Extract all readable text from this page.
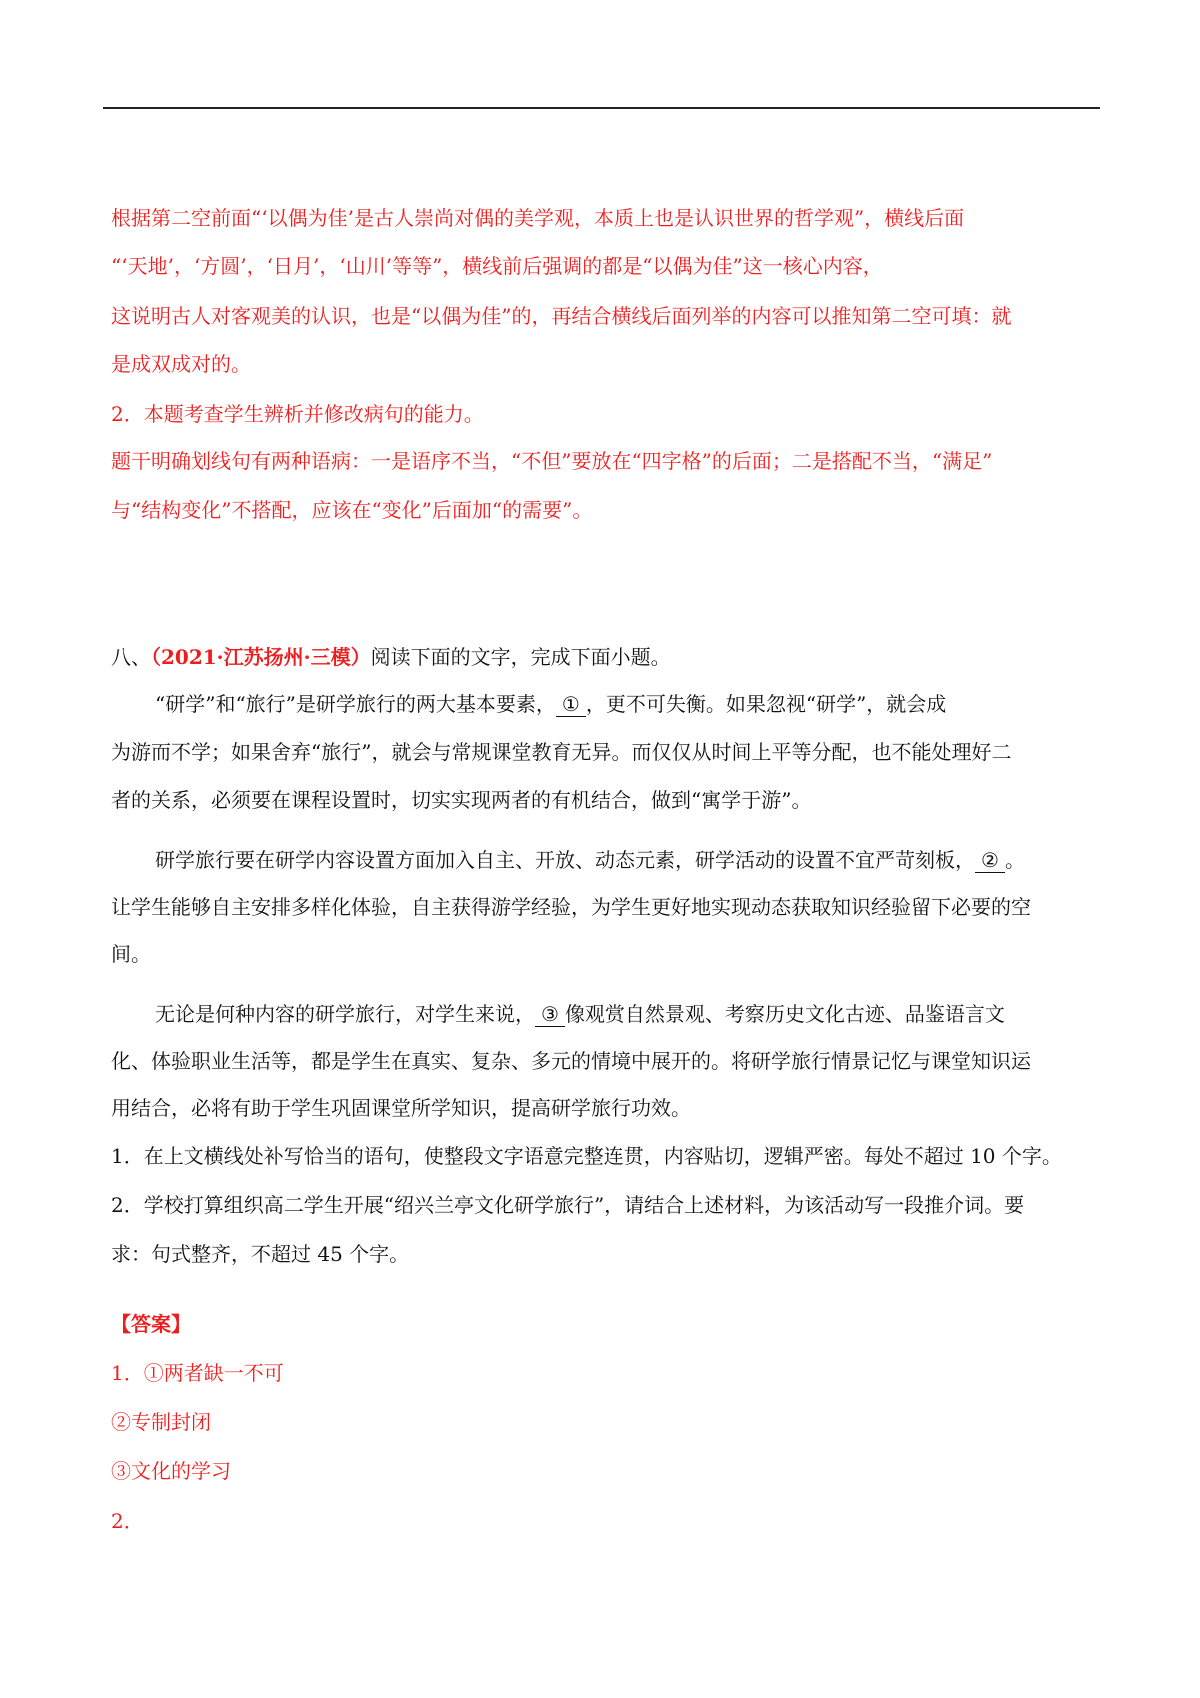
根据第二空前面“‘以偶为佳’是古人崇尚对偶的美学观，本质上也是认识世界的哲学观”，横线后面
“‘天地’，‘方圆’，‘日月’，‘山川’等等”，横线前后强调的都是“以偶为佳”这一核心内容，
这说明古人对客观美的认识，也是“以偶为佳”的，再结合横线后面列举的内容可以推知第二空可填：就
是成双成对的。
2．本题考查学生辨析并修改病句的能力。
题干明确划线句有两种语病：一是语序不当，“不但”要放在“四字格”的后面；二是搭配不当，“满足”
与“结构变化”不搭配，应该在“变化”后面加“的需要”。
八、（2021·江苏扬州·三模）阅读下面的文字，完成下面小题。
“研学”和“旅行”是研学旅行的两大基本要素， ① ，更不可失衡。如果忽视“研学”，就会成
为游而不学；如果舍弃“旅行”，就会与常规课堂教育无异。而仅仅从时间上平等分配，也不能处理好二
者的关系，必须要在课程设置时，切实实现两者的有机结合，做到“寓学于游”。
研学旅行要在研学内容设置方面加入自主、开放、动态元素，研学活动的设置不宜严苛刻板， ② 。
让学生能够自主安排多样化体验，自主获得游学经验，为学生更好地实现动态获取知识经验留下必要的空
间。
无论是何种内容的研学旅行，对学生来说， ③ 像观赏自然景观、考察历史文化古迹、品鉴语言文
化、体验职业生活等，都是学生在真实、复杂、多元的情境中展开的。将研学旅行情景记忆与课堂知识运
用结合，必将有助于学生巩固课堂所学知识，提高研学旅行功效。
1．在上文横线处补写恰当的语句，使整段文字语意完整连贯，内容贴切，逻辑严密。每处不超过 10 个字。
2．学校打算组织高二学生开展“绍兴兰亭文化研学旅行”，请结合上述材料，为该活动写一段推介词。要
求：句式整齐，不超过 45 个字。
【答案】
1．①两者缺一不可
②专制封闭
③文化的学习
2．
